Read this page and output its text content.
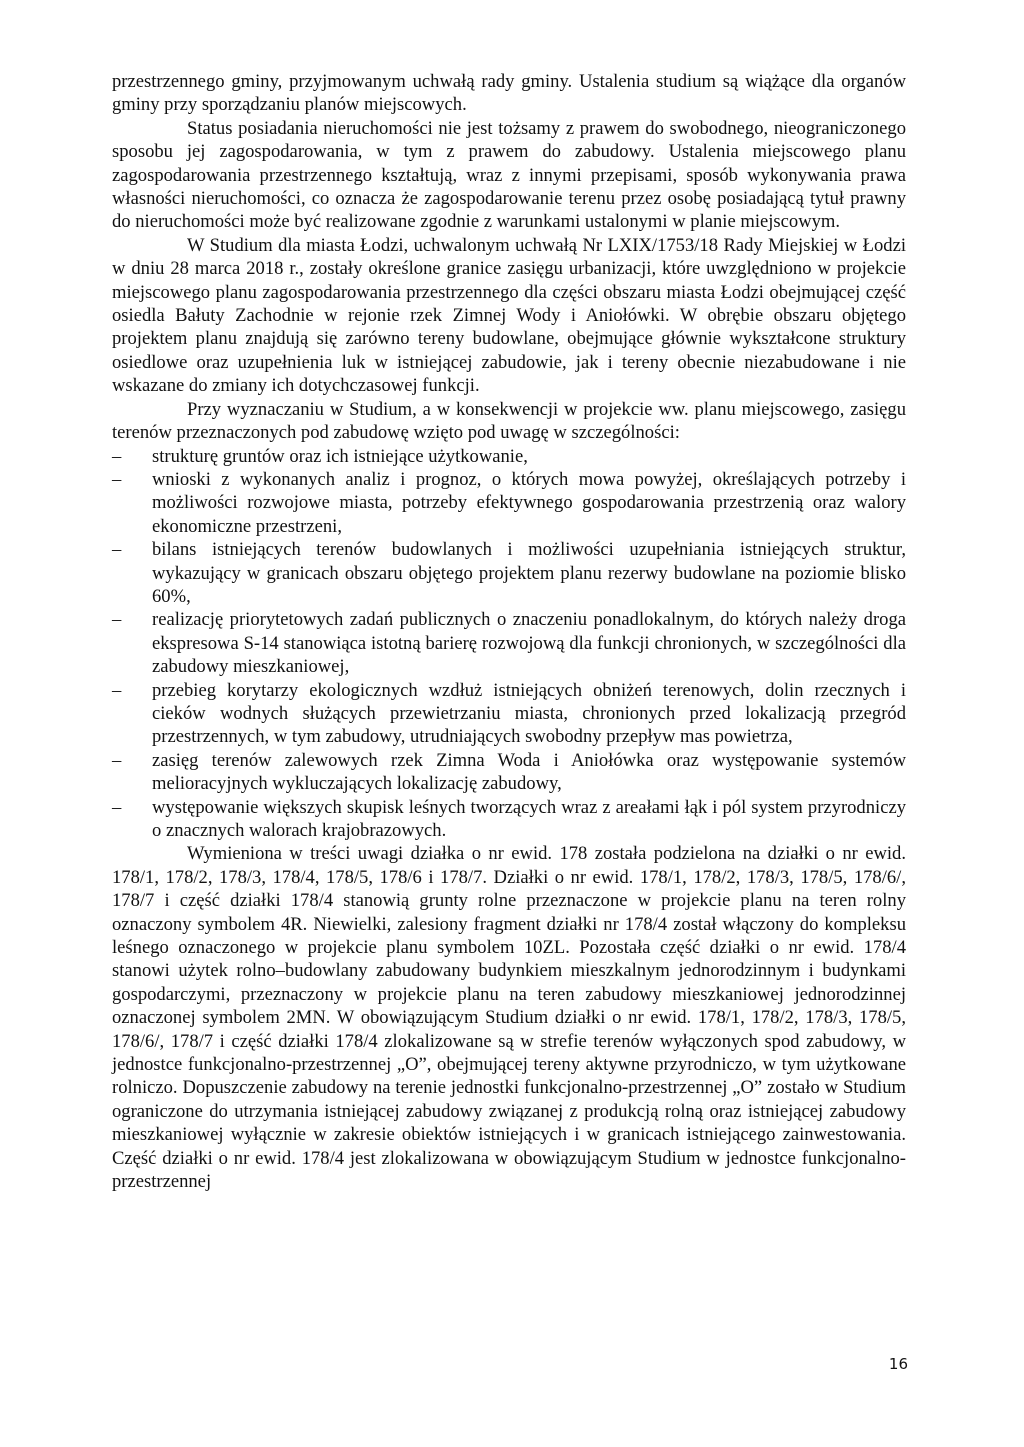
przestrzennego gminy, przyjmowanym uchwałą rady gminy. Ustalenia studium są wiążące dla organów gminy przy sporządzaniu planów miejscowych.

Status posiadania nieruchomości nie jest tożsamy z prawem do swobodnego, nieograniczonego sposobu jej zagospodarowania, w tym z prawem do zabudowy. Ustalenia miejscowego planu zagospodarowania przestrzennego kształtują, wraz z innymi przepisami, sposób wykonywania prawa własności nieruchomości, co oznacza że zagospodarowanie terenu przez osobę posiadającą tytuł prawny do nieruchomości może być realizowane zgodnie z warunkami ustalonymi w planie miejscowym.

W Studium dla miasta Łodzi, uchwalonym uchwałą Nr LXIX/1753/18 Rady Miejskiej w Łodzi w dniu 28 marca 2018 r., zostały określone granice zasięgu urbanizacji, które uwzględniono w projekcie miejscowego planu zagospodarowania przestrzennego dla części obszaru miasta Łodzi obejmującej część osiedla Bałuty Zachodnie w rejonie rzek Zimnej Wody i Aniołówki. W obrębie obszaru objętego projektem planu znajdują się zarówno tereny budowlane, obejmujące głównie wykształcone struktury osiedlowe oraz uzupełnienia luk w istniejącej zabudowie, jak i tereny obecnie niezabudowane i nie wskazane do zmiany ich dotychczasowej funkcji.

Przy wyznaczaniu w Studium, a w konsekwencji w projekcie ww. planu miejscowego, zasięgu terenów przeznaczonych pod zabudowę wzięto pod uwagę w szczególności:

– strukturę gruntów oraz ich istniejące użytkowanie,
– wnioski z wykonanych analiz i prognoz, o których mowa powyżej, określających potrzeby i możliwości rozwojowe miasta, potrzeby efektywnego gospodarowania przestrzenią oraz walory ekonomiczne przestrzeni,
– bilans istniejących terenów budowlanych i możliwości uzupełniania istniejących struktur, wykazujący w granicach obszaru objętego projektem planu rezerwy budowlane na poziomie blisko 60%,
– realizację priorytetowych zadań publicznych o znaczeniu ponadlokalnym, do których należy droga ekspresowa S-14 stanowiąca istotną barierę rozwojową dla funkcji chronionych, w szczególności dla zabudowy mieszkaniowej,
– przebieg korytarzy ekologicznych wzdłuż istniejących obniżeń terenowych, dolin rzecznych i cieków wodnych służących przewietrzaniu miasta, chronionych przed lokalizacją przegród przestrzennych, w tym zabudowy, utrudniających swobodny przepływ mas powietrza,
– zasięg terenów zalewowych rzek Zimna Woda i Aniołówka oraz występowanie systemów melioracyjnych wykluczających lokalizację zabudowy,
– występowanie większych skupisk leśnych tworzących wraz z areałami łąk i pól system przyrodniczy o znacznych walorach krajobrazowych.

Wymieniona w treści uwagi działka o nr ewid. 178 została podzielona na działki o nr ewid. 178/1, 178/2, 178/3, 178/4, 178/5, 178/6 i 178/7. Działki o nr ewid. 178/1, 178/2, 178/3, 178/5, 178/6/, 178/7 i część działki 178/4 stanowią grunty rolne przeznaczone w projekcie planu na teren rolny oznaczony symbolem 4R. Niewielki, zalesiony fragment działki nr 178/4 został włączony do kompleksu leśnego oznaczonego w projekcie planu symbolem 10ZL. Pozostała część działki o nr ewid. 178/4 stanowi użytek rolno–budowlany zabudowany budynkiem mieszkalnym jednorodzinnym i budynkami gospodarczymi, przeznaczony w projekcie planu na teren zabudowy mieszkaniowej jednorodzinnej oznaczonej symbolem 2MN. W obowiązującym Studium działki o nr ewid. 178/1, 178/2, 178/3, 178/5, 178/6/, 178/7 i część działki 178/4 zlokalizowane są w strefie terenów wyłączonych spod zabudowy, w jednostce funkcjonalno-przestrzennej „O”, obejmującej tereny aktywne przyrodniczo, w tym użytkowane rolniczo. Dopuszczenie zabudowy na terenie jednostki funkcjonalno-przestrzennej „O” zostało w Studium ograniczone do utrzymania istniejącej zabudowy związanej z produkcją rolną oraz istniejącej zabudowy mieszkaniowej wyłącznie w zakresie obiektów istniejących i w granicach istniejącego zainwestowania. Część działki o nr ewid. 178/4 jest zlokalizowana w obowiązującym Studium w jednostce funkcjonalno-przestrzennej

16
